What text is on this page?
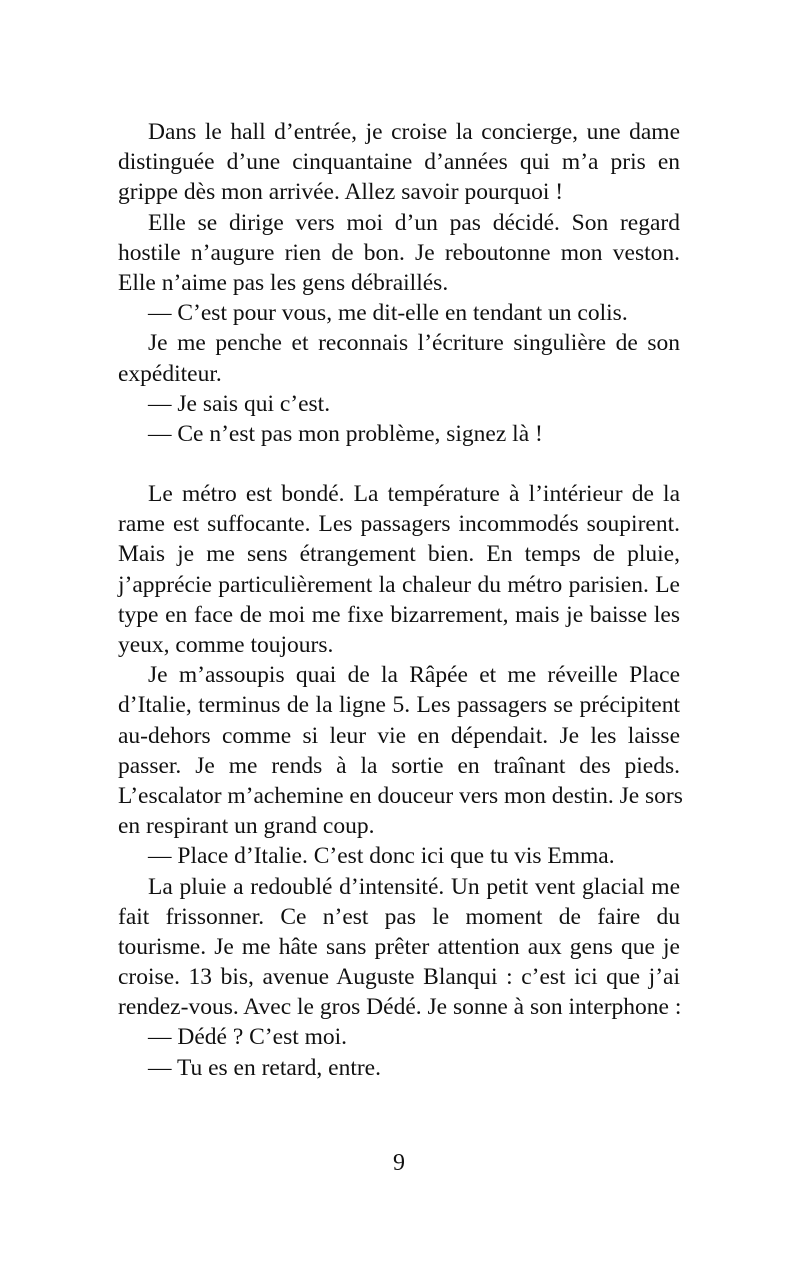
Dans le hall d’entrée, je croise la concierge, une dame
distinguée d’une cinquantaine d’années qui m’a pris en
grippe dès mon arrivée. Allez savoir pourquoi !
Elle se dirige vers moi d’un pas décidé. Son regard
hostile n’augure rien de bon. Je reboutonne mon veston.
Elle n’aime pas les gens débraillés.
— C’est pour vous, me dit-elle en tendant un colis.
Je me penche et reconnais l’écriture singulière de son
expéditeur.
— Je sais qui c’est.
— Ce n’est pas mon problème, signez là !
Le métro est bondé. La température à l’intérieur de la
rame est suffocante. Les passagers incommodés soupirent.
Mais je me sens étrangement bien. En temps de pluie,
j’apprécie particulièrement la chaleur du métro parisien. Le
type en face de moi me fixe bizarrement, mais je baisse les
yeux, comme toujours.
Je m’assoupis quai de la Râpée et me réveille Place
d’Italie, terminus de la ligne 5. Les passagers se précipitent
au-dehors comme si leur vie en dépendait. Je les laisse
passer. Je me rends à la sortie en traînant des pieds.
L’escalator m’achemine en douceur vers mon destin. Je sors
en respirant un grand coup.
— Place d’Italie. C’est donc ici que tu vis Emma.
La pluie a redoublé d’intensité. Un petit vent glacial me
fait frissonner. Ce n’est pas le moment de faire du
tourisme. Je me hâte sans prêter attention aux gens que je
croise. 13 bis, avenue Auguste Blanqui : c’est ici que j’ai
rendez-vous. Avec le gros Dédé. Je sonne à son interphone :
— Dédé ? C’est moi.
— Tu es en retard, entre.
9
